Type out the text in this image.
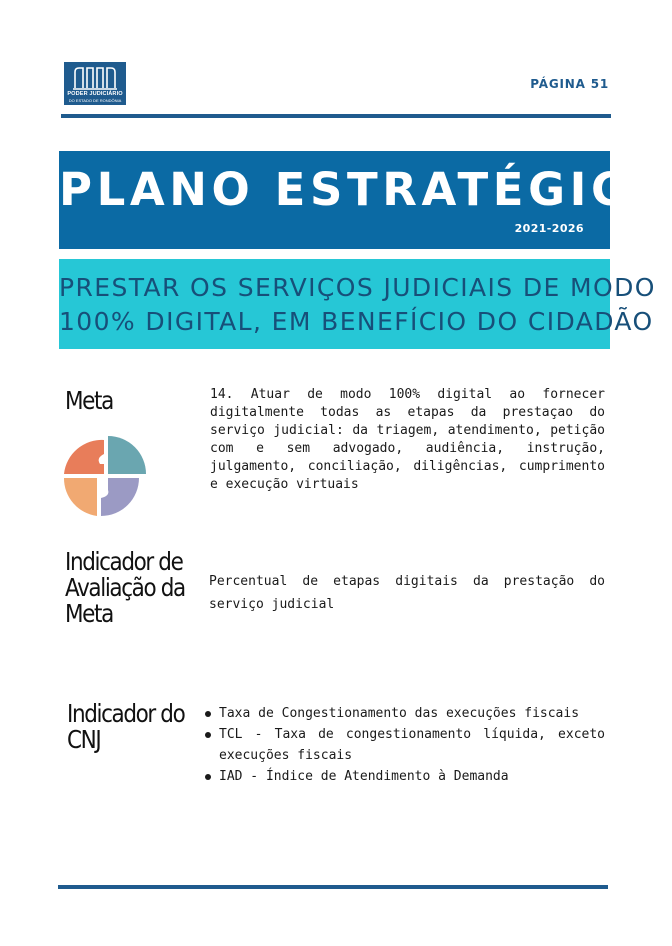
PODER JUDICIÁRIO
DO ESTADO DE RONDÔNIA
PÁGINA 51
PLANO ESTRATÉGICO
2021-2026
PRESTAR OS SERVIÇOS JUDICIAIS DE MODO
100% DIGITAL, EM BENEFÍCIO DO CIDADÃO
Meta	14. Atuar de modo 100% digital ao fornecer digitalmente todas as etapas da prestaçao do serviço judicial: da triagem, atendimento, petição com e sem advogado, audiência, instrução, julgamento, conciliação, diligências, cumprimento e execução virtuais
Indicador de
Avaliação da
Meta
Percentual de etapas digitais da prestação do serviço judicial
Indicador do
CNJ
Taxa de Congestionamento das execuções fiscais
TCL - Taxa de congestionamento líquida, exceto execuções fiscais
IAD - Índice de Atendimento à Demanda
